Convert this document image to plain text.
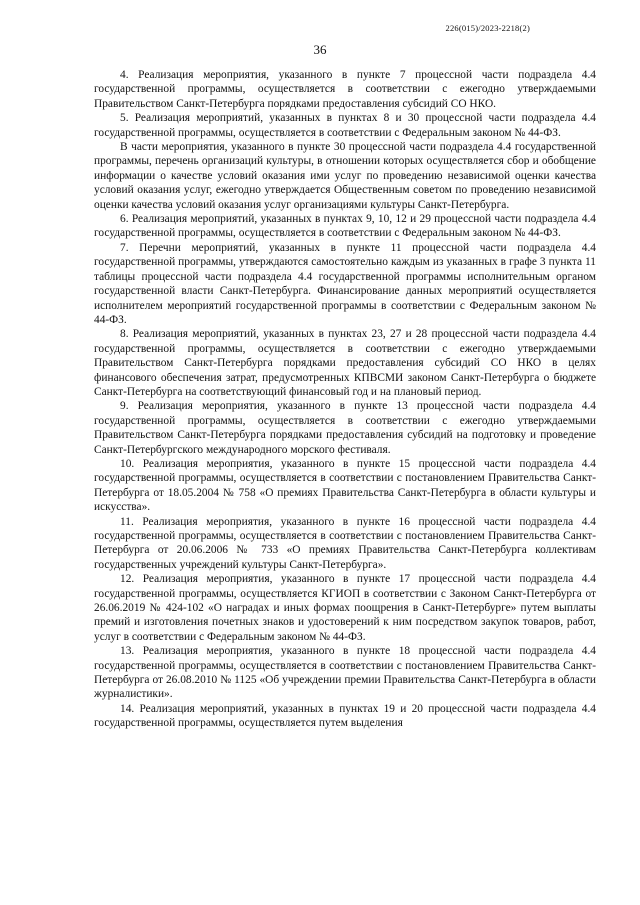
226(015)/2023-2218(2)
36

4. Реализация мероприятия, указанного в пункте 7 процессной части подраздела 4.4 государственной программы, осуществляется в соответствии с ежегодно утверждаемыми Правительством Санкт-Петербурга порядками предоставления субсидий СО НКО.

5. Реализация мероприятий, указанных в пунктах 8 и 30 процессной части подраздела 4.4 государственной программы, осуществляется в соответствии с Федеральным законом № 44-ФЗ.

В части мероприятия, указанного в пункте 30 процессной части подраздела 4.4 государственной программы, перечень организаций культуры, в отношении которых осуществляется сбор и обобщение информации о качестве условий оказания ими услуг по проведению независимой оценки качества условий оказания услуг, ежегодно утверждается Общественным советом по проведению независимой оценки качества условий оказания услуг организациями культуры Санкт-Петербурга.

6. Реализация мероприятий, указанных в пунктах 9, 10, 12 и 29 процессной части подраздела 4.4 государственной программы, осуществляется в соответствии с Федеральным законом № 44-ФЗ.

7. Перечни мероприятий, указанных в пункте 11 процессной части подраздела 4.4 государственной программы, утверждаются самостоятельно каждым из указанных в графе 3 пункта 11 таблицы процессной части подраздела 4.4 государственной программы исполнительным органом государственной власти Санкт-Петербурга. Финансирование данных мероприятий осуществляется исполнителем мероприятий государственной программы в соответствии с Федеральным законом № 44-ФЗ.

8. Реализация мероприятий, указанных в пунктах 23, 27 и 28 процессной части подраздела 4.4 государственной программы, осуществляется в соответствии с ежегодно утверждаемыми Правительством Санкт-Петербурга порядками предоставления субсидий СО НКО в целях финансового обеспечения затрат, предусмотренных КПВСМИ законом Санкт-Петербурга о бюджете Санкт-Петербурга на соответствующий финансовый год и на плановый период.

9. Реализация мероприятия, указанного в пункте 13 процессной части подраздела 4.4 государственной программы, осуществляется в соответствии с ежегодно утверждаемыми Правительством Санкт-Петербурга порядками предоставления субсидий на подготовку и проведение Санкт-Петербургского международного морского фестиваля.

10. Реализация мероприятия, указанного в пункте 15 процессной части подраздела 4.4 государственной программы, осуществляется в соответствии с постановлением Правительства Санкт-Петербурга от 18.05.2004 № 758 «О премиях Правительства Санкт-Петербурга в области культуры и искусства».

11. Реализация мероприятия, указанного в пункте 16 процессной части подраздела 4.4 государственной программы, осуществляется в соответствии с постановлением Правительства Санкт-Петербурга от 20.06.2006 № 733 «О премиях Правительства Санкт-Петербурга коллективам государственных учреждений культуры Санкт-Петербурга».

12. Реализация мероприятия, указанного в пункте 17 процессной части подраздела 4.4 государственной программы, осуществляется КГИОП в соответствии с Законом Санкт-Петербурга от 26.06.2019 № 424-102 «О наградах и иных формах поощрения в Санкт-Петербурге» путем выплаты премий и изготовления почетных знаков и удостоверений к ним посредством закупок товаров, работ, услуг в соответствии с Федеральным законом № 44-ФЗ.

13. Реализация мероприятия, указанного в пункте 18 процессной части подраздела 4.4 государственной программы, осуществляется в соответствии с постановлением Правительства Санкт-Петербурга от 26.08.2010 № 1125 «Об учреждении премии Правительства Санкт-Петербурга в области журналистики».

14. Реализация мероприятий, указанных в пунктах 19 и 20 процессной части подраздела 4.4 государственной программы, осуществляется путем выделения
